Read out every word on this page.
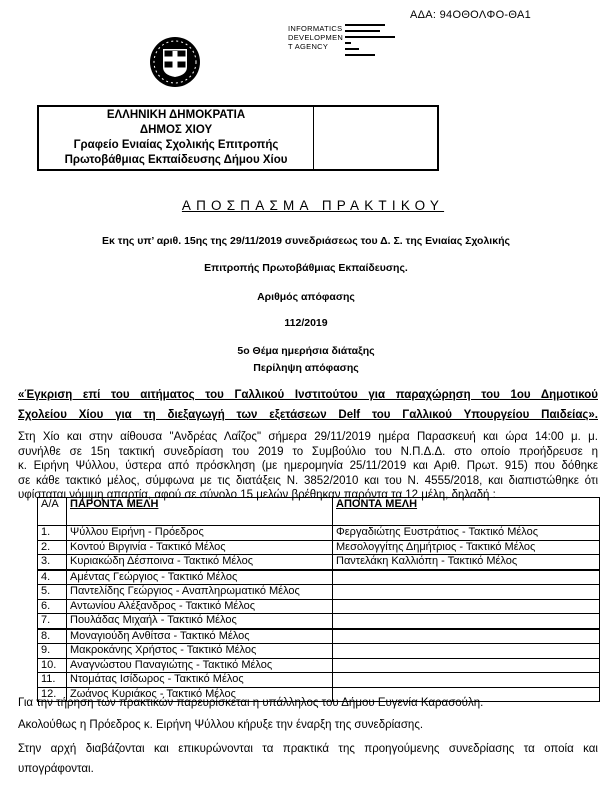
ΑΔΑ: 94ΟΘΟΛΦΟ-ΘΑ1
INFORMATICS
DEVELOPMEN
T AGENCY
ΕΛΛΗΝΙΚΗ ΔΗΜΟΚΡΑΤΙΑ
ΔΗΜΟΣ ΧΙΟΥ
Γραφείο Ενιαίας Σχολικής Επιτροπής
Πρωτοβάθμιας Εκπαίδευσης Δήμου Χίου
ΑΠΟΣΠΑΣΜΑ ΠΡΑΚΤΙΚΟΥ
Εκ της υπ’ αριθ. 15ης της 29/11/2019 συνεδριάσεως του Δ. Σ. της Ενιαίας Σχολικής
Επιτροπής Πρωτοβάθμιας Εκπαίδευσης.
Αριθμός απόφασης
112/2019
5ο Θέμα ημερήσια διάταξης
Περίληψη απόφασης
«Έγκριση επί του αιτήματος του Γαλλικού Ινστιτούτου για παραχώρηση του 1ου Δημοτικού
Σχολείου Χίου για τη διεξαγωγή των εξετάσεων Delf του Γαλλικού Υπουργείου Παιδείας».
Στη Χίο και στην αίθουσα "Ανδρέας Λαΐζος" σήμερα 29/11/2019 ημέρα Παρασκευή και ώρα 14:00 μ. μ.
συνήλθε σε 15η τακτική συνεδρίαση του 2019 το Συμβούλιο του Ν.Π.Δ.Δ. στο οποίο προήδρευσε η
κ. Ειρήνη Ψύλλου, ύστερα από πρόσκληση (με ημερομηνία 25/11/2019 και Αριθ. Πρωτ. 915) που δόθηκε
σε κάθε τακτικό μέλος, σύμφωνα με τις διατάξεις Ν. 3852/2010 και του Ν. 4555/2018, και διαπιστώθηκε ότι
υφίσταται νόμιμη απαρτία, αφού σε σύνολο 15 μελών βρέθηκαν παρόντα τα 12 μέλη, δηλαδή :
Α/Α	ΠΑΡΟΝΤΑ ΜΕΛΗ	ΑΠΟΝΤΑ ΜΕΛΗ
1.	Ψύλλου Ειρήνη - Πρόεδρος	Φεργαδιώτης Ευστράτιος - Τακτικό Μέλος
2.	Κοντού Βιργινία - Τακτικό Μέλος	Μεσολογγίτης Δημήτριος - Τακτικό Μέλος
3.	Κυριακώδη Δέσποινα - Τακτικό Μέλος	Παντελάκη Καλλιόπη - Τακτικό Μέλος
4.	Αμέντας Γεώργιος - Τακτικό Μέλος	
5.	Παντελίδης Γεώργιος - Αναπληρωματικό Μέλος	
6.	Αντωνίου Αλέξανδρος - Τακτικό Μέλος	
7.	Πουλάδας Μιχαήλ - Τακτικό Μέλος	
8.	Μοναγιούδη Ανθίτσα - Τακτικό Μέλος	
9.	Μακροκάνης Χρήστος - Τακτικό Μέλος	
10.	Αναγνώστου Παναγιώτης - Τακτικό Μέλος	
11.	Ντομάτας Ισίδωρος - Τακτικό Μέλος	
12.	Ζωάνος Κυριάκος - Τακτικό Μέλος	
Για την τήρηση των πρακτικών παρευρίσκεται η υπάλληλος του Δήμου Ευγενία Καρασούλη.
Ακολούθως η Πρόεδρος κ. Ειρήνη Ψύλλου κήρυξε την έναρξη της συνεδρίασης.
Στην αρχή διαβάζονται και επικυρώνονται τα πρακτικά της προηγούμενης συνεδρίασης τα οποία και
υπογράφονται.
